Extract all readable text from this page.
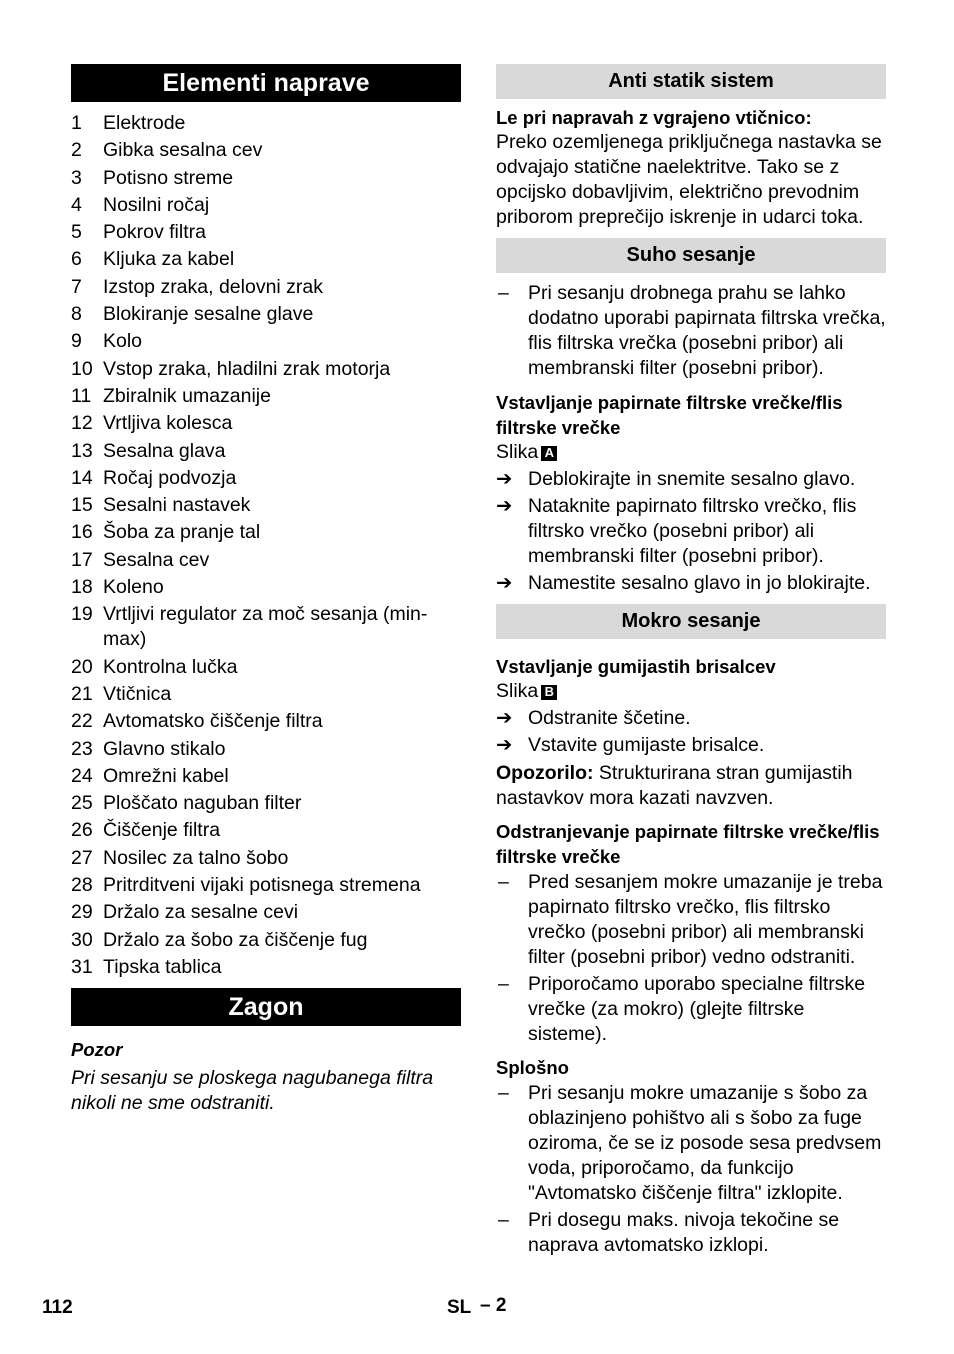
Elementi naprave
1	Elektrode
2	Gibka sesalna cev
3	Potisno streme
4	Nosilni ročaj
5	Pokrov filtra
6	Kljuka za kabel
7	Izstop zraka, delovni zrak
8	Blokiranje sesalne glave
9	Kolo
10 Vstop zraka, hladilni zrak motorja
11 Zbiralnik umazanije
12 Vrtljiva kolesca
13 Sesalna glava
14 Ročaj podvozja
15 Sesalni nastavek
16 Šoba za pranje tal
17 Sesalna cev
18 Koleno
19 Vrtljivi regulator za moč sesanja (min-max)
20 Kontrolna lučka
21 Vtičnica
22 Avtomatsko čiščenje filtra
23 Glavno stikalo
24 Omrežni kabel
25 Ploščato naguban filter
26 Čiščenje filtra
27 Nosilec za talno šobo
28 Pritrditveni vijaki potisnega stremena
29 Držalo za sesalne cevi
30 Držalo za šobo za čiščenje fug
31 Tipska tablica
Zagon
Pozor
Pri sesanju se ploskega nagubanega filtra nikoli ne sme odstraniti.
Anti statik sistem
Le pri napravah z vgrajeno vtičnico:
Preko ozemljenega priključnega nastavka se odvajajo statične naelektritve. Tako se z opcijsko dobavljivim, električno prevodnim priborom preprečijo iskrenje in udarci toka.
Suho sesanje
– Pri sesanju drobnega prahu se lahko dodatno uporabi papirnata filtrska vrečka, flis filtrska vrečka (posebni pribor) ali membranski filter (posebni pribor).
Vstavljanje papirnate filtrske vrečke/flis filtrske vrečke
Slika A
➔ Deblokirajte in snemite sesalno glavo.
➔ Nataknite papirnato filtrsko vrečko, flis filtrsko vrečko (posebni pribor) ali membranski filter (posebni pribor).
➔ Namestite sesalno glavo in jo blokirajte.
Mokro sesanje
Vstavljanje gumijastih brisalcev
Slika B
➔ Odstranite ščetine.
➔ Vstavite gumijaste brisalce.
Opozorilo: Strukturirana stran gumijastih nastavkov mora kazati navzven.
Odstranjevanje papirnate filtrske vrečke/flis filtrske vrečke
– Pred sesanjem mokre umazanije je treba papirnato filtrsko vrečko, flis filtrsko vrečko (posebni pribor) ali membranski filter (posebni pribor) vedno odstraniti.
– Priporočamo uporabo specialne filtrske vrečke (za mokro) (glejte filtrske sisteme).
Splošno
– Pri sesanju mokre umazanije s šobo za oblazinjeno pohištvo ali s šobo za fuge oziroma, če se iz posode sesa predvsem voda, priporočamo, da funkcijo "Avtomatsko čiščenje filtra" izklopite.
– Pri dosegu maks. nivoja tekočine se naprava avtomatsko izklopi.
112	SL – 2
